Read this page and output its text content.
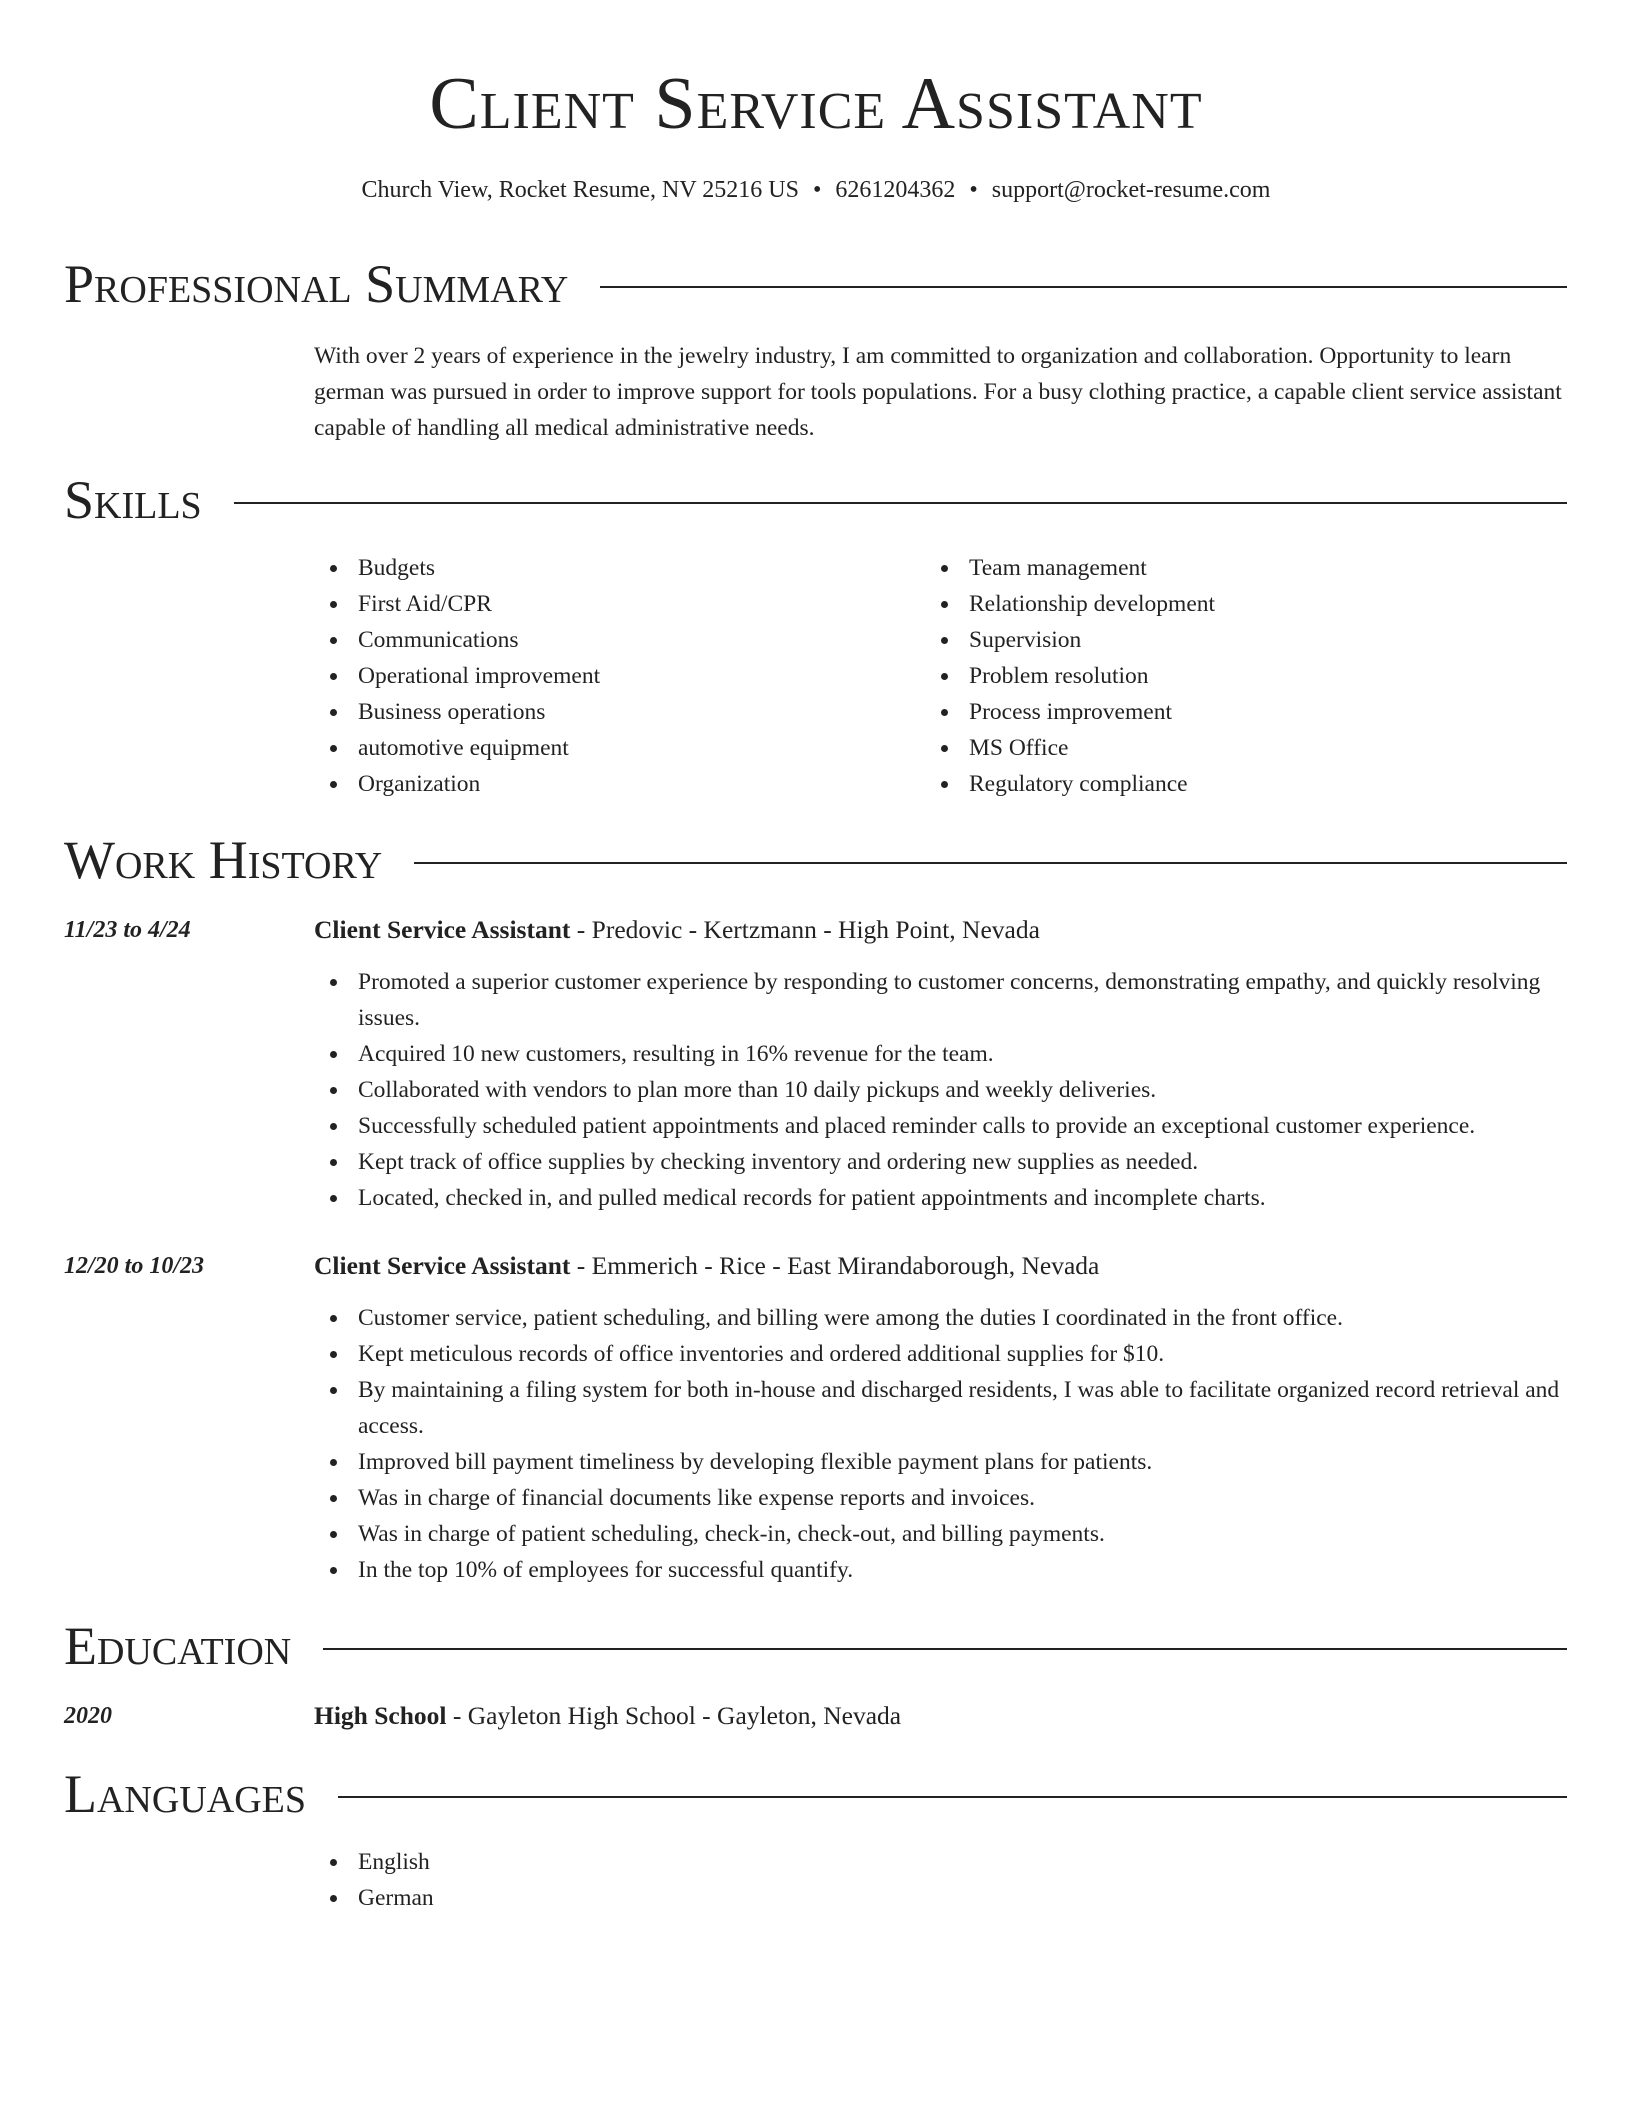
Client Service Assistant
Church View, Rocket Resume, NV 25216 US • 6261204362 • support@rocket-resume.com
Professional Summary
With over 2 years of experience in the jewelry industry, I am committed to organization and collaboration. Opportunity to learn german was pursued in order to improve support for tools populations. For a busy clothing practice, a capable client service assistant capable of handling all medical administrative needs.
Skills
Budgets
First Aid/CPR
Communications
Operational improvement
Business operations
automotive equipment
Organization
Team management
Relationship development
Supervision
Problem resolution
Process improvement
MS Office
Regulatory compliance
Work History
11/23 to 4/24	Client Service Assistant - Predovic - Kertzmann - High Point, Nevada
Promoted a superior customer experience by responding to customer concerns, demonstrating empathy, and quickly resolving issues.
Acquired 10 new customers, resulting in 16% revenue for the team.
Collaborated with vendors to plan more than 10 daily pickups and weekly deliveries.
Successfully scheduled patient appointments and placed reminder calls to provide an exceptional customer experience.
Kept track of office supplies by checking inventory and ordering new supplies as needed.
Located, checked in, and pulled medical records for patient appointments and incomplete charts.
12/20 to 10/23	Client Service Assistant - Emmerich - Rice - East Mirandaborough, Nevada
Customer service, patient scheduling, and billing were among the duties I coordinated in the front office.
Kept meticulous records of office inventories and ordered additional supplies for $10.
By maintaining a filing system for both in-house and discharged residents, I was able to facilitate organized record retrieval and access.
Improved bill payment timeliness by developing flexible payment plans for patients.
Was in charge of financial documents like expense reports and invoices.
Was in charge of patient scheduling, check-in, check-out, and billing payments.
In the top 10% of employees for successful quantify.
Education
2020	High School - Gayleton High School - Gayleton, Nevada
Languages
English
German
